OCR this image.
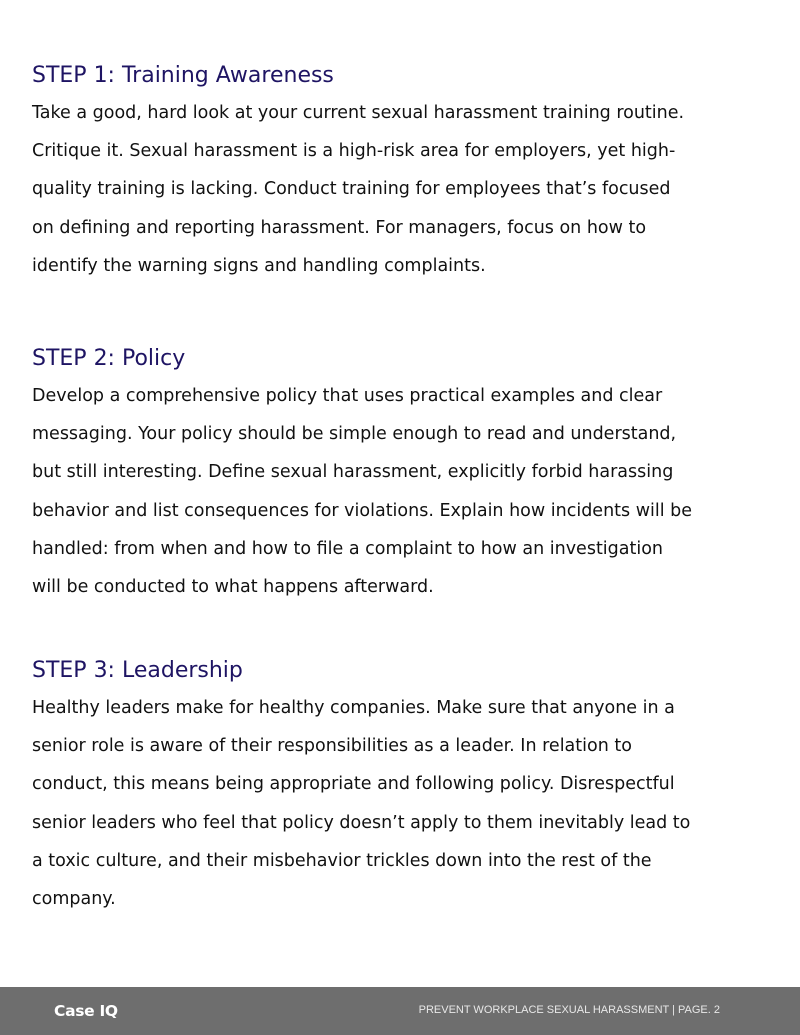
STEP 1: Training Awareness

Take a good, hard look at your current sexual harassment training routine.
Critique it. Sexual harassment is a high-risk area for employers, yet high-
quality training is lacking. Conduct training for employees that’s focused
on defining and reporting harassment. For managers, focus on how to
identify the warning signs and handling complaints.

STEP 2: Policy

Develop a comprehensive policy that uses practical examples and clear
messaging. Your policy should be simple enough to read and understand,
but still interesting. Define sexual harassment, explicitly forbid harassing
behavior and list consequences for violations. Explain how incidents will be
handled: from when and how to file a complaint to how an investigation
will be conducted to what happens afterward.

STEP 3: Leadership

Healthy leaders make for healthy companies. Make sure that anyone in a
senior role is aware of their responsibilities as a leader. In relation to
conduct, this means being appropriate and following policy. Disrespectful
senior leaders who feel that policy doesn’t apply to them inevitably lead to
a toxic culture, and their misbehavior trickles down into the rest of the
company.

Case IQ	PREVENT WORKPLACE SEXUAL HARASSMENT | PAGE. 2
